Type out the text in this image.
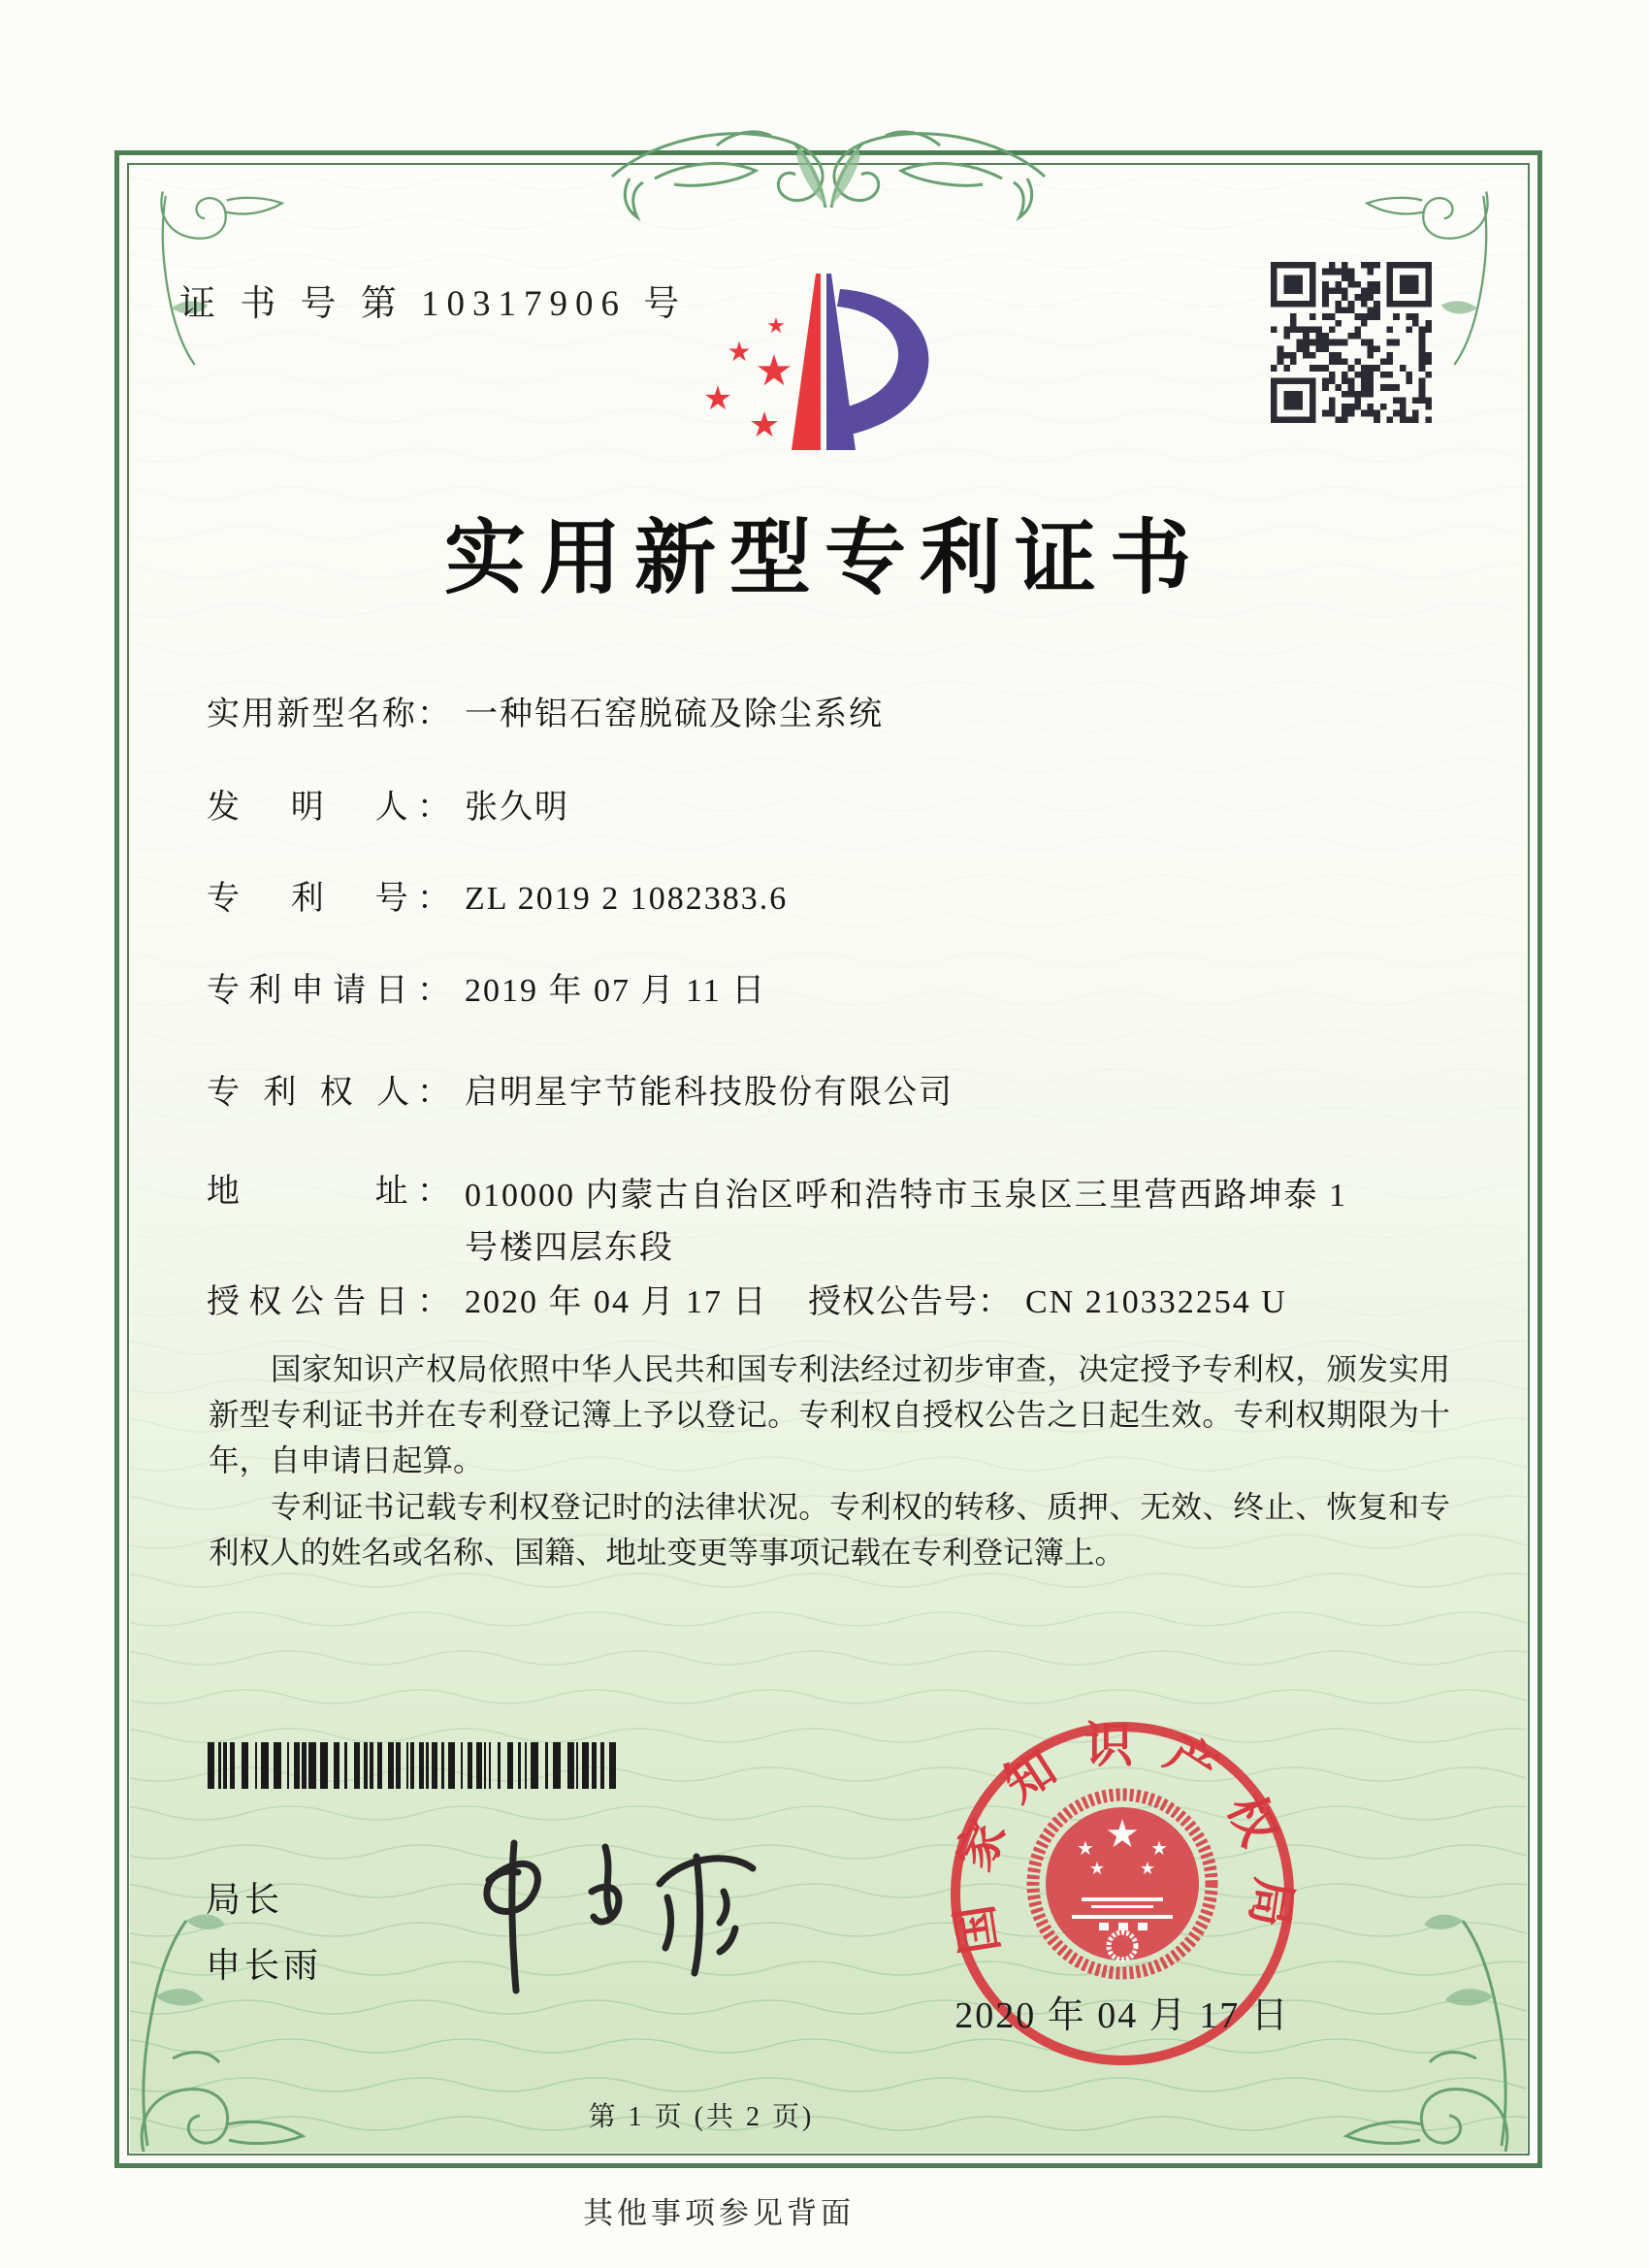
证 书 号 第 10317906 号
★
★ ★
★
★
实用新型专利证书
实用新型名称： 一种铝石窑脱硫及除尘系统
发　明　人： 张久明
专　利　号： ZL 2019 2 1082383.6
专利申请日： 2019 年 07 月 11 日
专 利 权 人： 启明星宇节能科技股份有限公司
地　　　址： 010000 内蒙古自治区呼和浩特市玉泉区三里营西路坤泰 1
号楼四层东段
授权公告日： 2020 年 04 月 17 日 授权公告号： CN 210332254 U

国家知识产权局依照中华人民共和国专利法经过初步审查，决定授予专利权，颁发实用新型专利证书并在专利登记簿上予以登记。专利权自授权公告之日起生效。专利权期限为十年，自申请日起算。

专利证书记载专利权登记时的法律状况。专利权的转移、质押、无效、终止、恢复和专利权人的姓名或名称、国籍、地址变更等事项记载在专利登记簿上。

局长
申长雨
国家知识产权局
★
★	★
★ ★
2020 年 04 月 17 日
第 1 页 (共 2 页)
其他事项参见背面
